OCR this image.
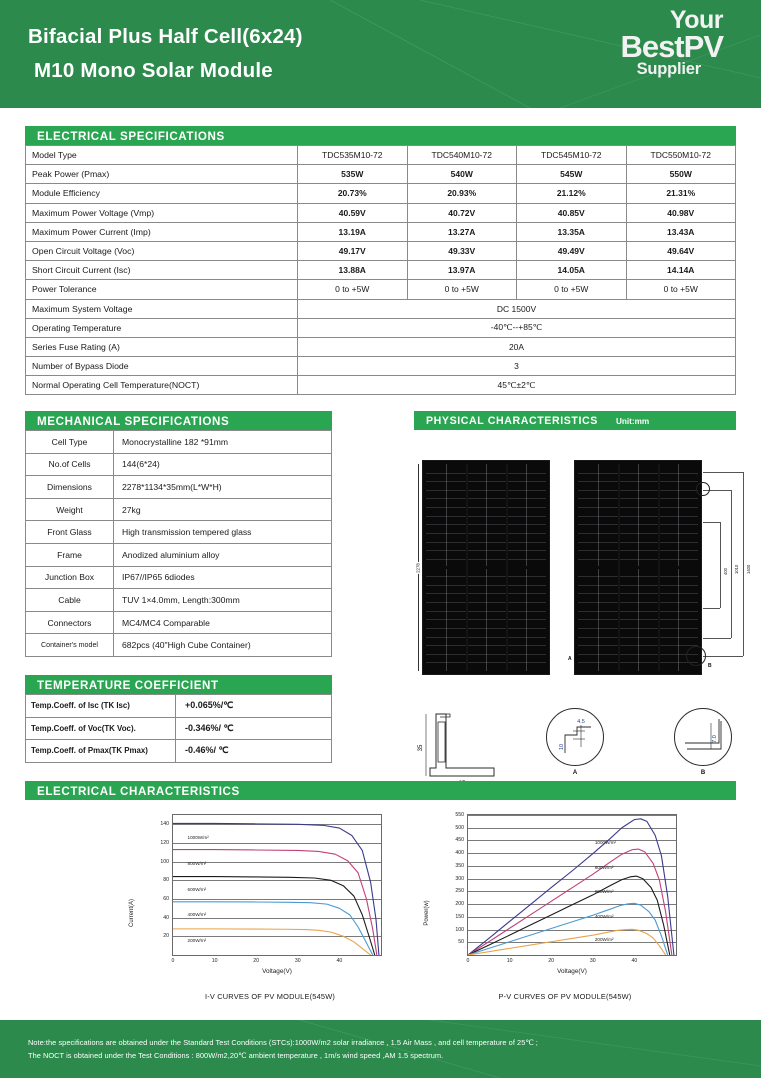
Bifacial Plus Half Cell(6x24)
M10 Mono Solar Module
Your
BestPV
Supplier
ELECTRICAL SPECIFICATIONS
Model Type	TDC535M10-72	TDC540M10-72	TDC545M10-72	TDC550M10-72
Peak Power (Pmax)	535W	540W	545W	550W
Module Efficiency	20.73%	20.93%	21.12%	21.31%
Maximum Power Voltage (Vmp)	40.59V	40.72V	40.85V	40.98V
Maximum Power Current (Imp)	13.19A	13.27A	13.35A	13.43A
Open Circuit Voltage (Voc)	49.17V	49.33V	49.49V	49.64V
Short Circuit Current (Isc)	13.88A	13.97A	14.05A	14.14A
Power Tolerance	0 to +5W	0 to +5W	0 to +5W	0 to +5W
Maximum System Voltage	DC 1500V			
Operating Temperature	-40℃--+85℃			
Series Fuse Rating (A)	20A			
Number of Bypass Diode	3			
Normal Operating Cell Temperature(NOCT)	45℃±2℃			
MECHANICAL SPECIFICATIONS
Cell Type	Monocrystalline 182 *91mm
No.of Cells	144(6*24)
Dimensions	2278*1134*35mm(L*W*H)
Weight	27kg
Front Glass	High transmission tempered glass
Frame	Anodized aluminium alloy
Junction Box	IP67//IP65 6diodes
Cable	TUV 1×4.0mm, Length:300mm
Connectors	MC4/MC4 Comparable
Container's model	682pcs (40"High Cube Container)
TEMPERATURE COEFFICIENT
Temp.Coeff. of Isc (TK Isc)	+0.065%/℃
Temp.Coeff. of Voc(TK Voc).	-0.346%/ ℃
Temp.Coeff. of Pmax(TK Pmax)	-0.46%/ ℃
PHYSICAL CHARACTERISTICS Unit:mm
2278	1400
1010
400
A
B
A
35
4.5
10
A
7.0
B
ELECTRICAL CHARACTERISTICS
Current(A)
20
40
60
80
100
120
140
0	10	20	30	40
1000W/m²
800W/m²
600W/m²
400W/m²
200W/m²
Voltage(V)
I-V CURVES OF PV MODULE(545W)
Power(w)
50
100
150
200
250
300
350
400
450
500
550
0	10	20	30	40
1000W/m²
800W/m²
600W/m²
400W/m²
200W/m²
Voltage(V)
P-V CURVES OF PV MODULE(545W)
Note:the specifications are obtained under the Standard Test Conditions (STCs):1000W/m2 solar irradiance , 1.5 Air Mass , and cell temperature of 25℃ ;
The NOCT is obtained under the Test Conditions : 800W/m2,20℃ ambient temperature , 1m/s wind speed ,AM 1.5 spectrum.
